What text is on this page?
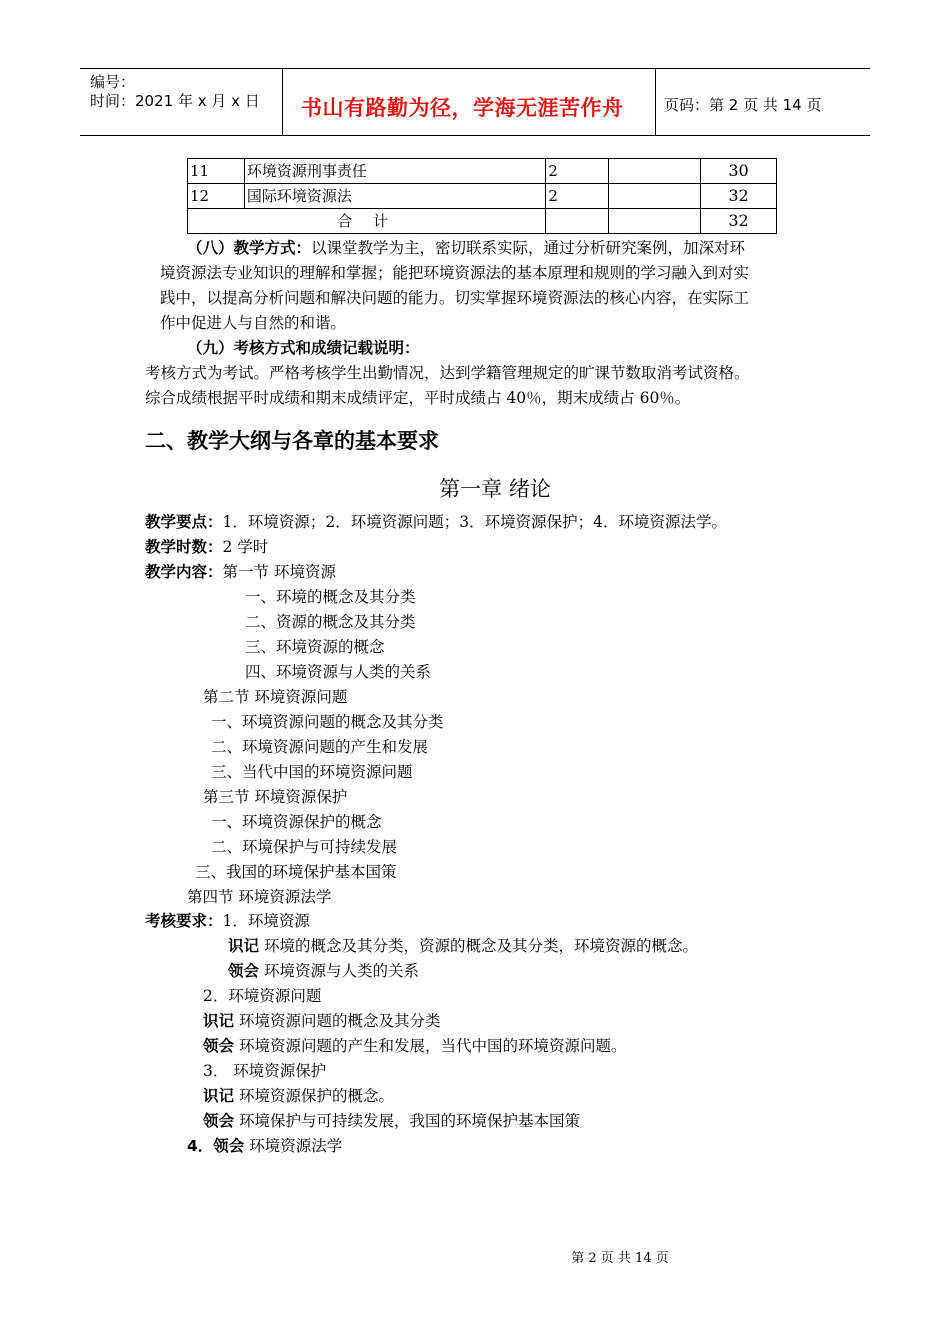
编号：
时间：2021 年 x 月 x 日 书山有路勤为径，学海无涯苦作舟	页码：第 2 页 共 14 页
11	环境资源刑事责任	2		30
12	国际环境资源法	2		32
合 计				32
（八）教学方式：以课堂教学为主，密切联系实际，通过分析研究案例，加深对环
境资源法专业知识的理解和掌握；能把环境资源法的基本原理和规则的学习融入到对实
践中，以提高分析问题和解决问题的能力。切实掌握环境资源法的核心内容，在实际工
作中促进人与自然的和谐。
（九）考核方式和成绩记载说明：
考核方式为考试。严格考核学生出勤情况，达到学籍管理规定的旷课节数取消考试资格。
综合成绩根据平时成绩和期末成绩评定，平时成绩占 40％，期末成绩占 60％。
二、教学大纲与各章的基本要求
第一章 绪论
教学要点：1．环境资源；2．环境资源问题；3．环境资源保护；4．环境资源法学。
教学时数：2 学时
教学内容：第一节 环境资源
一、环境的概念及其分类
二、资源的概念及其分类
三、环境资源的概念
四、环境资源与人类的关系
第二节 环境资源问题
一、环境资源问题的概念及其分类
二、环境资源问题的产生和发展
三、当代中国的环境资源问题
第三节 环境资源保护
一、环境资源保护的概念
二、环境保护与可持续发展
三、我国的环境保护基本国策
第四节 环境资源法学
考核要求：1．环境资源
识记 环境的概念及其分类，资源的概念及其分类，环境资源的概念。
领会 环境资源与人类的关系
2．环境资源问题
识记 环境资源问题的概念及其分类
领会 环境资源问题的产生和发展，当代中国的环境资源问题。
3． 环境资源保护
识记 环境资源保护的概念。
领会 环境保护与可持续发展，我国的环境保护基本国策
4．领会 环境资源法学
第 2 页 共 14 页
